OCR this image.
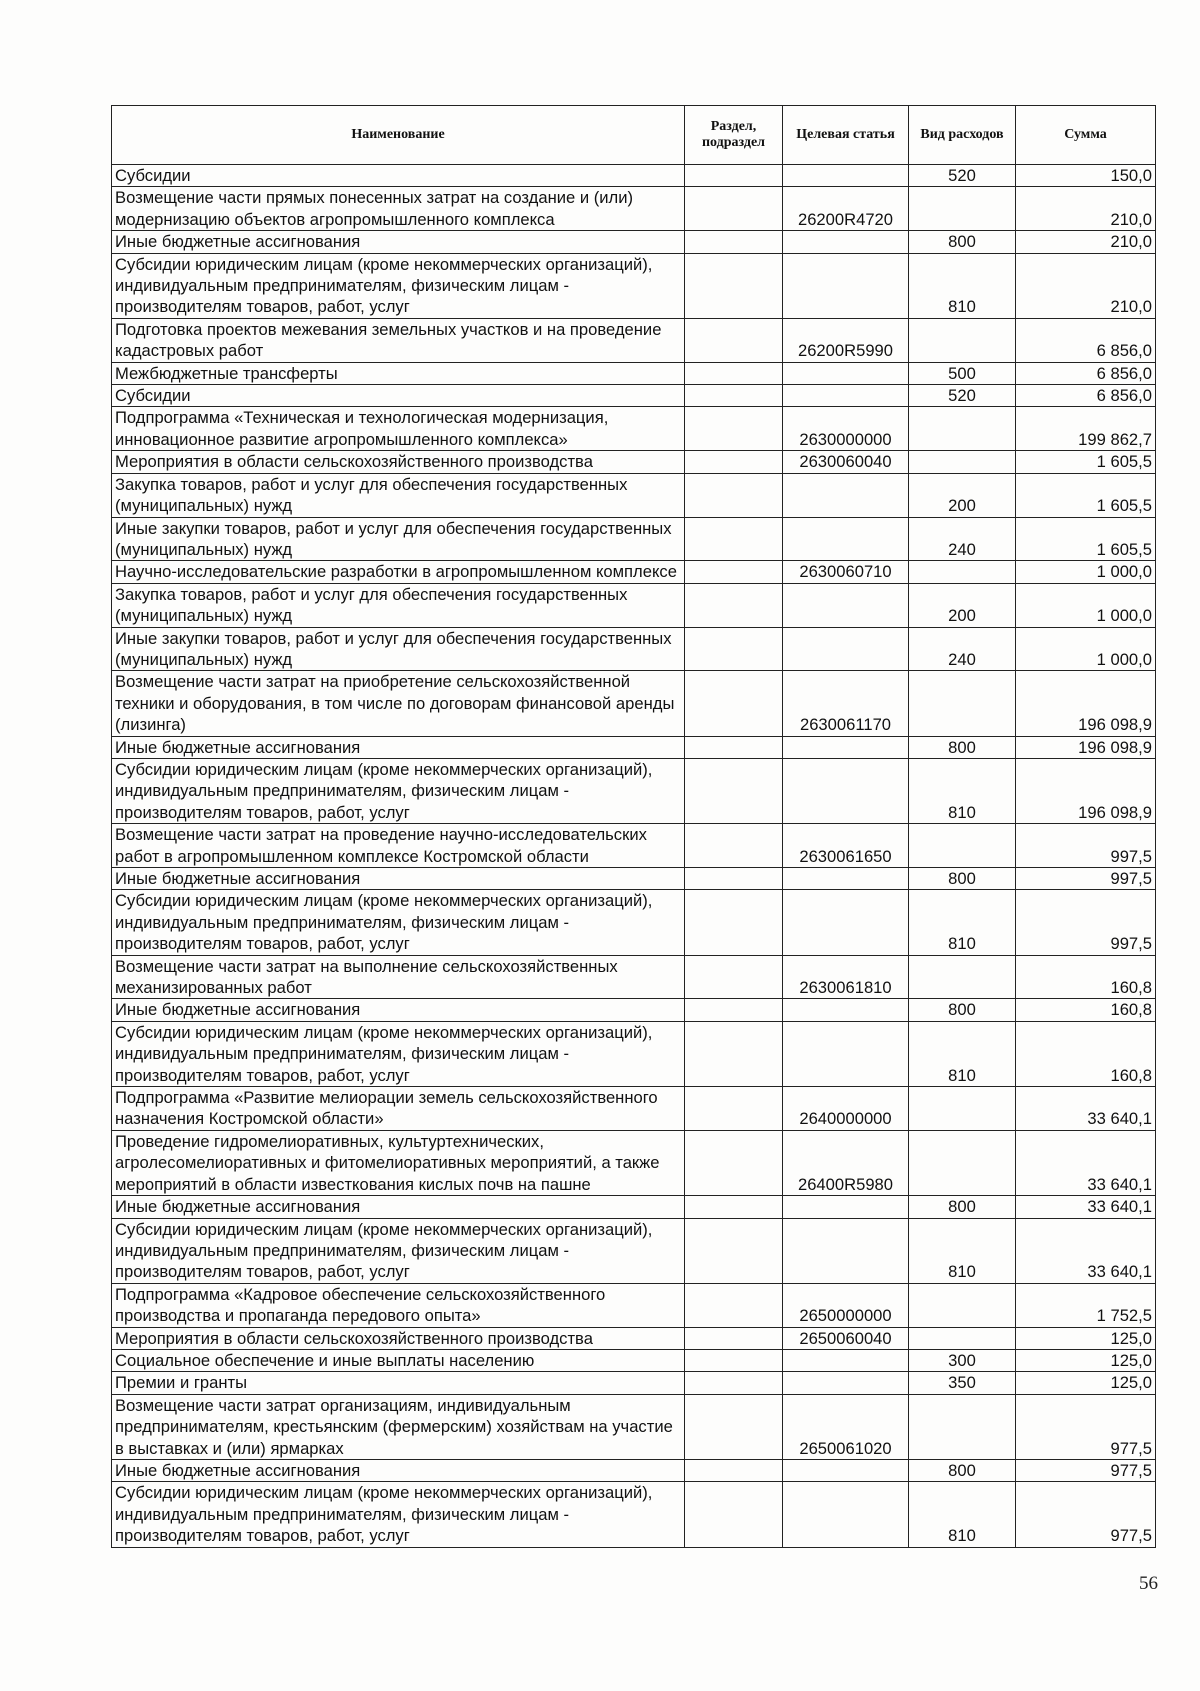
Наименование	Раздел, подраздел	Целевая статья	Вид расходов	Сумма
Субсидии			520	150,0
Возмещение части прямых понесенных затрат на создание и (или) модернизацию объектов агропромышленного комплекса		26200R4720		210,0
Иные бюджетные ассигнования			800	210,0
Субсидии юридическим лицам (кроме некоммерческих организаций), индивидуальным предпринимателям, физическим лицам - производителям товаров, работ, услуг			810	210,0
Подготовка проектов межевания земельных участков и на проведение кадастровых работ		26200R5990		6 856,0
Межбюджетные трансферты			500	6 856,0
Субсидии			520	6 856,0
Подпрограмма «Техническая и технологическая модернизация, инновационное развитие агропромышленного комплекса»		2630000000		199 862,7
Мероприятия в области сельскохозяйственного производства		2630060040		1 605,5
Закупка товаров, работ и услуг для обеспечения государственных (муниципальных) нужд			200	1 605,5
Иные закупки товаров, работ и услуг для обеспечения государственных (муниципальных) нужд			240	1 605,5
Научно-исследовательские разработки в агропромышленном комплексе		2630060710		1 000,0
Закупка товаров, работ и услуг для обеспечения государственных (муниципальных) нужд			200	1 000,0
Иные закупки товаров, работ и услуг для обеспечения государственных (муниципальных) нужд			240	1 000,0
Возмещение части затрат на приобретение сельскохозяйственной техники и оборудования, в том числе по договорам финансовой аренды (лизинга)		2630061170		196 098,9
Иные бюджетные ассигнования			800	196 098,9
Субсидии юридическим лицам (кроме некоммерческих организаций), индивидуальным предпринимателям, физическим лицам - производителям товаров, работ, услуг			810	196 098,9
Возмещение части затрат на проведение научно-исследовательских работ в агропромышленном комплексе Костромской области		2630061650		997,5
Иные бюджетные ассигнования			800	997,5
Субсидии юридическим лицам (кроме некоммерческих организаций), индивидуальным предпринимателям, физическим лицам - производителям товаров, работ, услуг			810	997,5
Возмещение части затрат на выполнение сельскохозяйственных механизированных работ		2630061810		160,8
Иные бюджетные ассигнования			800	160,8
Субсидии юридическим лицам (кроме некоммерческих организаций), индивидуальным предпринимателям, физическим лицам - производителям товаров, работ, услуг			810	160,8
Подпрограмма «Развитие мелиорации земель сельскохозяйственного назначения Костромской области»		2640000000		33 640,1
Проведение гидромелиоративных, культуртехнических, агролесомелиоративных и фитомелиоративных мероприятий, а также мероприятий в области известкования кислых почв на пашне		26400R5980		33 640,1
Иные бюджетные ассигнования			800	33 640,1
Субсидии юридическим лицам (кроме некоммерческих организаций), индивидуальным предпринимателям, физическим лицам - производителям товаров, работ, услуг			810	33 640,1
Подпрограмма «Кадровое обеспечение сельскохозяйственного производства и пропаганда передового опыта»		2650000000		1 752,5
Мероприятия в области сельскохозяйственного производства		2650060040		125,0
Социальное обеспечение и иные выплаты населению			300	125,0
Премии и гранты			350	125,0
Возмещение части затрат организациям, индивидуальным предпринимателям, крестьянским (фермерским) хозяйствам на участие в выставках и (или) ярмарках		2650061020		977,5
Иные бюджетные ассигнования			800	977,5
Субсидии юридическим лицам (кроме некоммерческих организаций), индивидуальным предпринимателям, физическим лицам - производителям товаров, работ, услуг			810	977,5
56
